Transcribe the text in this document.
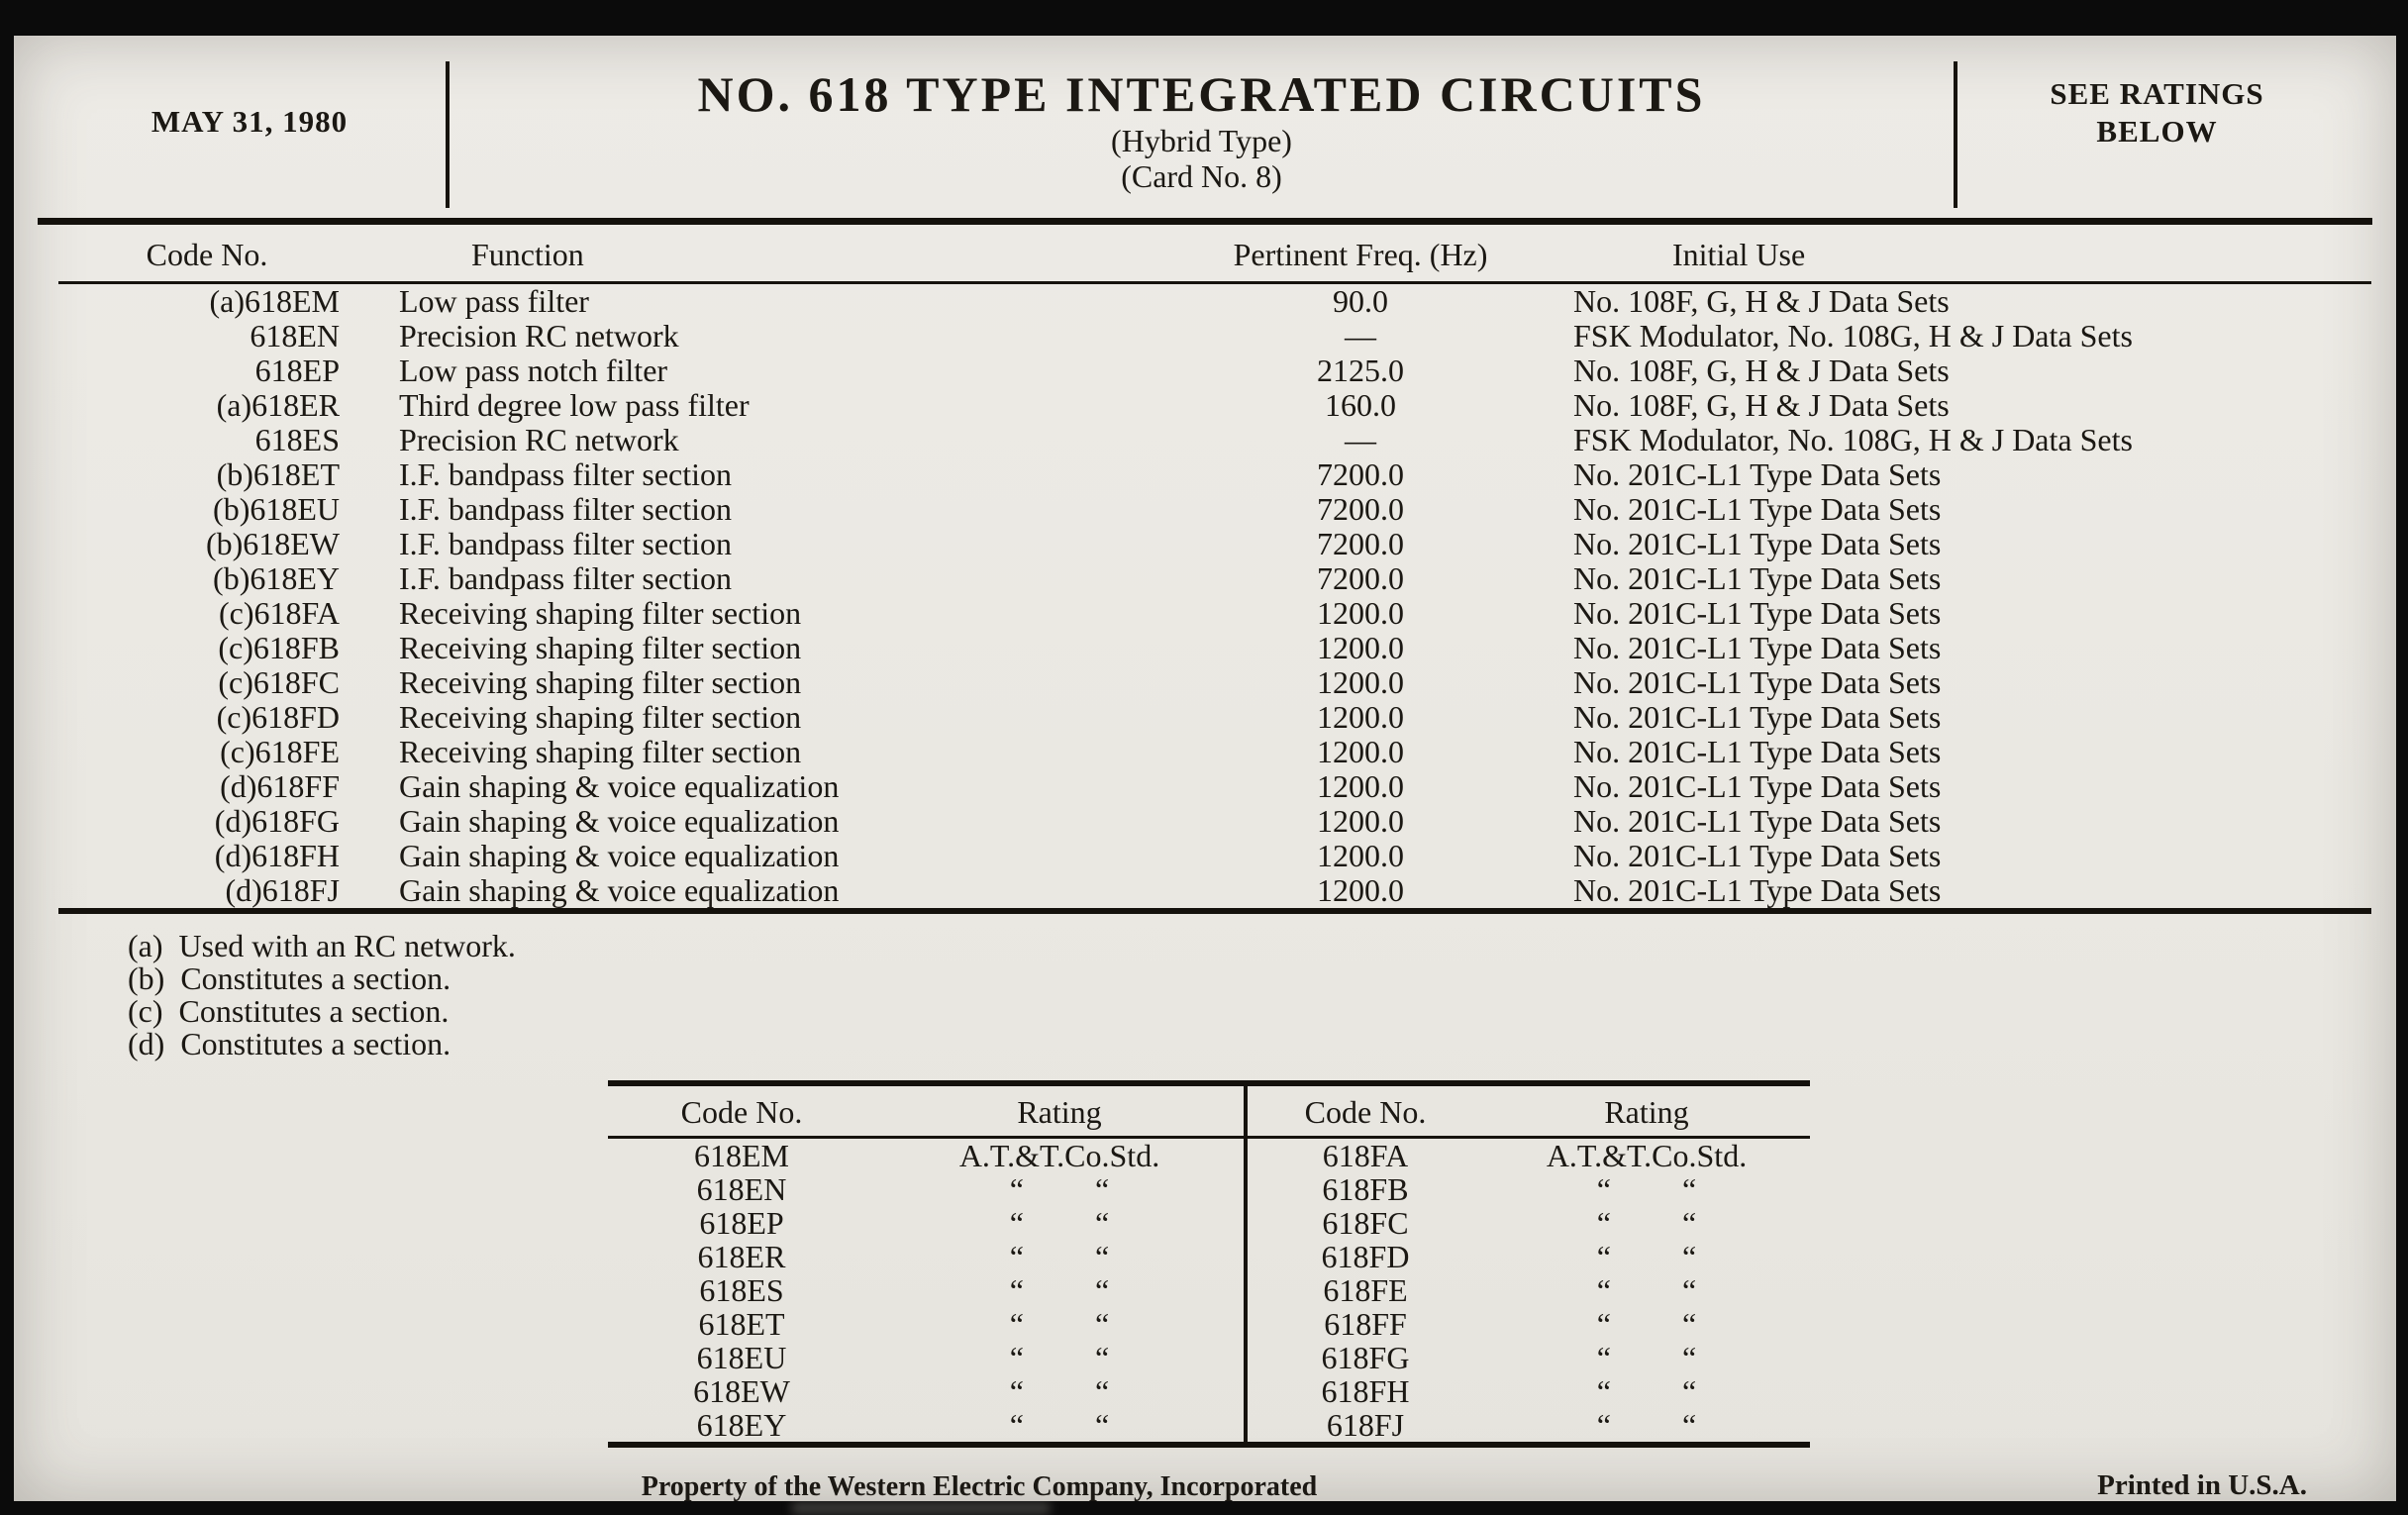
MAY 31, 1980	NO. 618 TYPE INTEGRATED CIRCUITS
(Hybrid Type)
(Card No. 8)
SEE RATINGS
BELOW
Code No.	Function	Pertinent Freq. (Hz)	Initial Use
(a)618EM	Low pass filter	90.0	No. 108F, G, H & J Data Sets
618EN	Precision RC network	—	FSK Modulator, No. 108G, H & J Data Sets
618EP	Low pass notch filter	2125.0	No. 108F, G, H & J Data Sets
(a)618ER	Third degree low pass filter	160.0	No. 108F, G, H & J Data Sets
618ES	Precision RC network	—	FSK Modulator, No. 108G, H & J Data Sets
(b)618ET	I.F. bandpass filter section	7200.0	No. 201C-L1 Type Data Sets
(b)618EU	I.F. bandpass filter section	7200.0	No. 201C-L1 Type Data Sets
(b)618EW	I.F. bandpass filter section	7200.0	No. 201C-L1 Type Data Sets
(b)618EY	I.F. bandpass filter section	7200.0	No. 201C-L1 Type Data Sets
(c)618FA	Receiving shaping filter section	1200.0	No. 201C-L1 Type Data Sets
(c)618FB	Receiving shaping filter section	1200.0	No. 201C-L1 Type Data Sets
(c)618FC	Receiving shaping filter section	1200.0	No. 201C-L1 Type Data Sets
(c)618FD	Receiving shaping filter section	1200.0	No. 201C-L1 Type Data Sets
(c)618FE	Receiving shaping filter section	1200.0	No. 201C-L1 Type Data Sets
(d)618FF	Gain shaping & voice equalization	1200.0	No. 201C-L1 Type Data Sets
(d)618FG	Gain shaping & voice equalization	1200.0	No. 201C-L1 Type Data Sets
(d)618FH	Gain shaping & voice equalization	1200.0	No. 201C-L1 Type Data Sets
(d)618FJ	Gain shaping & voice equalization	1200.0	No. 201C-L1 Type Data Sets
(a)  Used with an RC network.
(b)  Constitutes a section.
(c)  Constitutes a section.
(d)  Constitutes a section.
Code No.	Rating	Code No.	Rating
618EM	A.T.&T.Co.Std.	618FA	A.T.&T.Co.Std.
618EN	“         “	618FB	“         “
618EP	“         “	618FC	“         “
618ER	“         “	618FD	“         “
618ES	“         “	618FE	“         “
618ET	“         “	618FF	“         “
618EU	“         “	618FG	“         “
618EW	“         “	618FH	“         “
618EY	“         “	618FJ	“         “
Property of the Western Electric Company, Incorporated	Printed in U.S.A.
